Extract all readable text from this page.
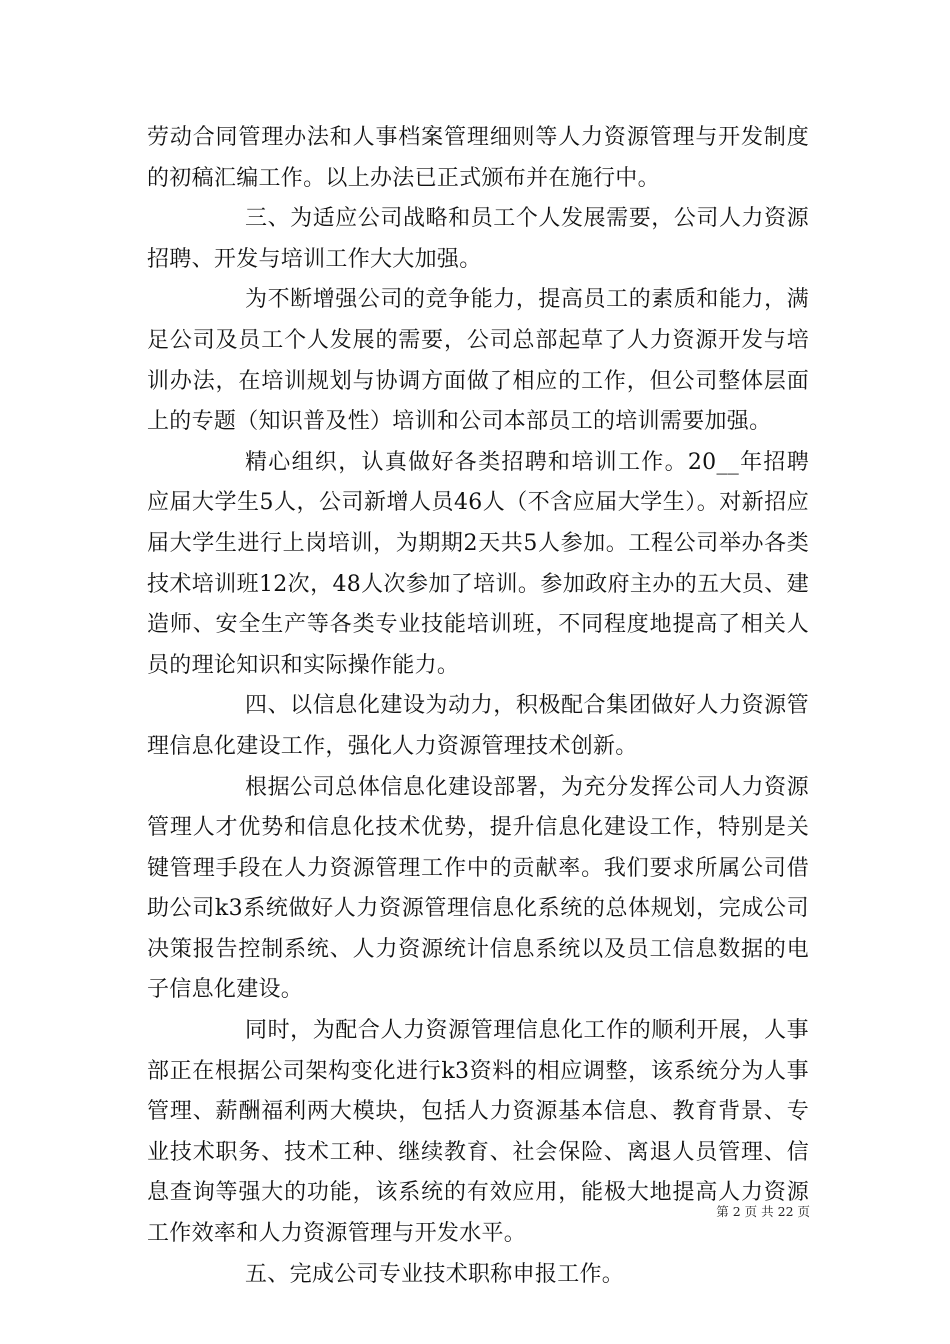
劳动合同管理办法和人事档案管理细则等人力资源管理与开发制度的初稿汇编工作。以上办法已正式颁布并在施行中。

三、为适应公司战略和员工个人发展需要，公司人力资源招聘、开发与培训工作大大加强。

为不断增强公司的竞争能力，提高员工的素质和能力，满足公司及员工个人发展的需要，公司总部起草了人力资源开发与培训办法，在培训规划与协调方面做了相应的工作，但公司整体层面上的专题（知识普及性）培训和公司本部员工的培训需要加强。

精心组织，认真做好各类招聘和培训工作。20__年招聘应届大学生5人，公司新增人员46人（不含应届大学生）。对新招应届大学生进行上岗培训，为期期2天共5人参加。工程公司举办各类技术培训班12次，48人次参加了培训。参加政府主办的五大员、建造师、安全生产等各类专业技能培训班，不同程度地提高了相关人员的理论知识和实际操作能力。

四、以信息化建设为动力，积极配合集团做好人力资源管理信息化建设工作，强化人力资源管理技术创新。

根据公司总体信息化建设部署，为充分发挥公司人力资源管理人才优势和信息化技术优势，提升信息化建设工作，特别是关键管理手段在人力资源管理工作中的贡献率。我们要求所属公司借助公司k3系统做好人力资源管理信息化系统的总体规划，完成公司决策报告控制系统、人力资源统计信息系统以及员工信息数据的电子信息化建设。

同时，为配合人力资源管理信息化工作的顺利开展，人事部正在根据公司架构变化进行k3资料的相应调整，该系统分为人事管理、薪酬福利两大模块，包括人力资源基本信息、教育背景、专业技术职务、技术工种、继续教育、社会保险、离退人员管理、信息查询等强大的功能，该系统的有效应用，能极大地提高人力资源工作效率和人力资源管理与开发水平。

五、完成公司专业技术职称申报工作。

第 2 页 共 22 页
